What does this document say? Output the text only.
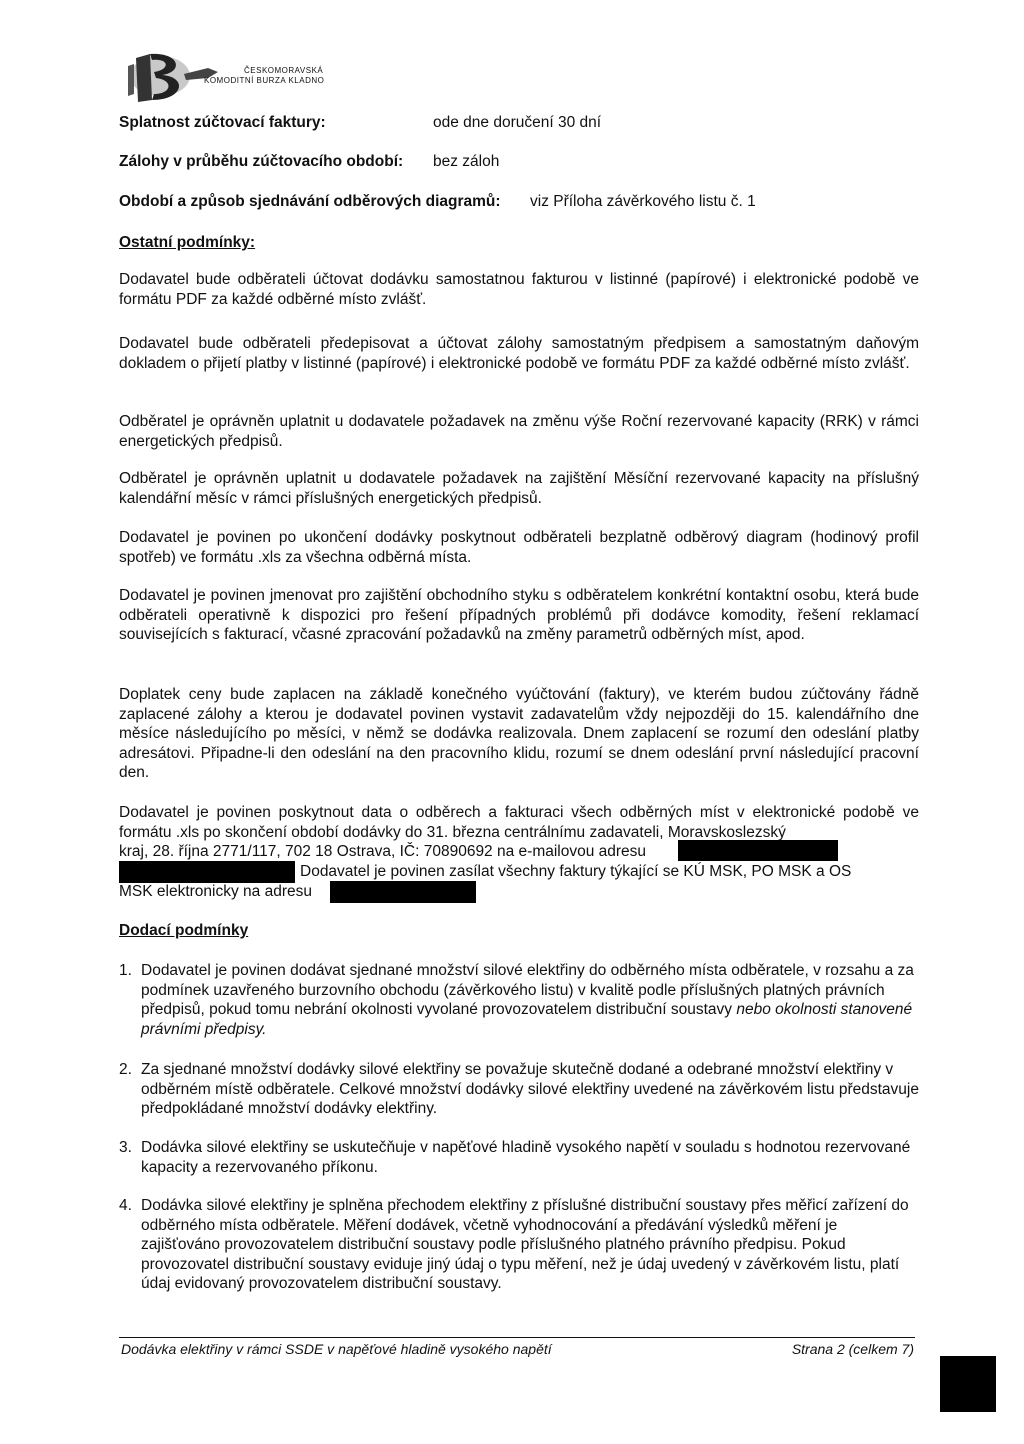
ČESKOMORAVSKÁ
KOMODITNÍ BURZA KLADNO
Splatnost zúčtovací faktury:	ode dne doručení 30 dní
Zálohy v průběhu zúčtovacího období: bez záloh
Období a způsob sjednávání odběrových diagramů: viz Příloha závěrkového listu č. 1
Ostatní podmínky:
Dodavatel bude odběrateli účtovat dodávku samostatnou fakturou v listinné (papírové) i elektronické podobě ve formátu PDF za každé odběrné místo zvlášť.
Dodavatel bude odběrateli předepisovat a účtovat zálohy samostatným předpisem a samostatným daňovým dokladem o přijetí platby v listinné (papírové) i elektronické podobě ve formátu PDF za každé odběrné místo zvlášť.
Odběratel je oprávněn uplatnit u dodavatele požadavek na změnu výše Roční rezervované kapacity (RRK) v rámci energetických předpisů.
Odběratel je oprávněn uplatnit u dodavatele požadavek na zajištění Měsíční rezervované kapacity na příslušný kalendářní měsíc v rámci příslušných energetických předpisů.
Dodavatel je povinen po ukončení dodávky poskytnout odběrateli bezplatně odběrový diagram (hodinový profil spotřeb) ve formátu .xls za všechna odběrná místa.
Dodavatel je povinen jmenovat pro zajištění obchodního styku s odběratelem konkrétní kontaktní osobu, která bude odběrateli operativně k dispozici pro řešení případných problémů při dodávce komodity, řešení reklamací souvisejících s fakturací, včasné zpracování požadavků na změny parametrů odběrných míst, apod.
Doplatek ceny bude zaplacen na základě konečného vyúčtování (faktury), ve kterém budou zúčtovány řádně zaplacené zálohy a kterou je dodavatel povinen vystavit zadavatelům vždy nejpozději do 15. kalendářního dne měsíce následujícího po měsíci, v němž se dodávka realizovala. Dnem zaplacení se rozumí den odeslání platby adresátovi. Připadne-li den odeslání na den pracovního klidu, rozumí se dnem odeslání první následující pracovní den.
Dodavatel je povinen poskytnout data o odběrech a fakturaci všech odběrných míst v elektronické podobě ve formátu .xls po skončení období dodávky do 31. března centrálnímu zadavateli, Moravskoslezský
kraj, 28. října 2771/117, 702 18 Ostrava, IČ: 70890692 na e-mailovou adresu
Dodavatel je povinen zasílat všechny faktury týkající se KÚ MSK, PO MSK a OS
MSK elektronicky na adresu
Dodací podmínky
1. Dodavatel je povinen dodávat sjednané množství silové elektřiny do odběrného místa odběratele, v rozsahu a za podmínek uzavřeného burzovního obchodu (závěrkového listu) v kvalitě podle příslušných platných právních předpisů, pokud tomu nebrání okolnosti vyvolané provozovatelem distribuční soustavy nebo okolnosti stanovené právními předpisy.
2. Za sjednané množství dodávky silové elektřiny se považuje skutečně dodané a odebrané množství elektřiny v odběrném místě odběratele. Celkové množství dodávky silové elektřiny uvedené na závěrkovém listu představuje předpokládané množství dodávky elektřiny.
3. Dodávka silové elektřiny se uskutečňuje v napěťové hladině vysokého napětí v souladu s hodnotou rezervované kapacity a rezervovaného příkonu.
4. Dodávka silové elektřiny je splněna přechodem elektřiny z příslušné distribuční soustavy přes měřicí zařízení do odběrného místa odběratele. Měření dodávek, včetně vyhodnocování a předávání výsledků měření je zajišťováno provozovatelem distribuční soustavy podle příslušného platného právního předpisu. Pokud provozovatel distribuční soustavy eviduje jiný údaj o typu měření, než je údaj uvedený v závěrkovém listu, platí údaj evidovaný provozovatelem distribuční soustavy.
Dodávka elektřiny v rámci SSDE v napěťové hladině vysokého napětí	Strana 2 (celkem 7)
